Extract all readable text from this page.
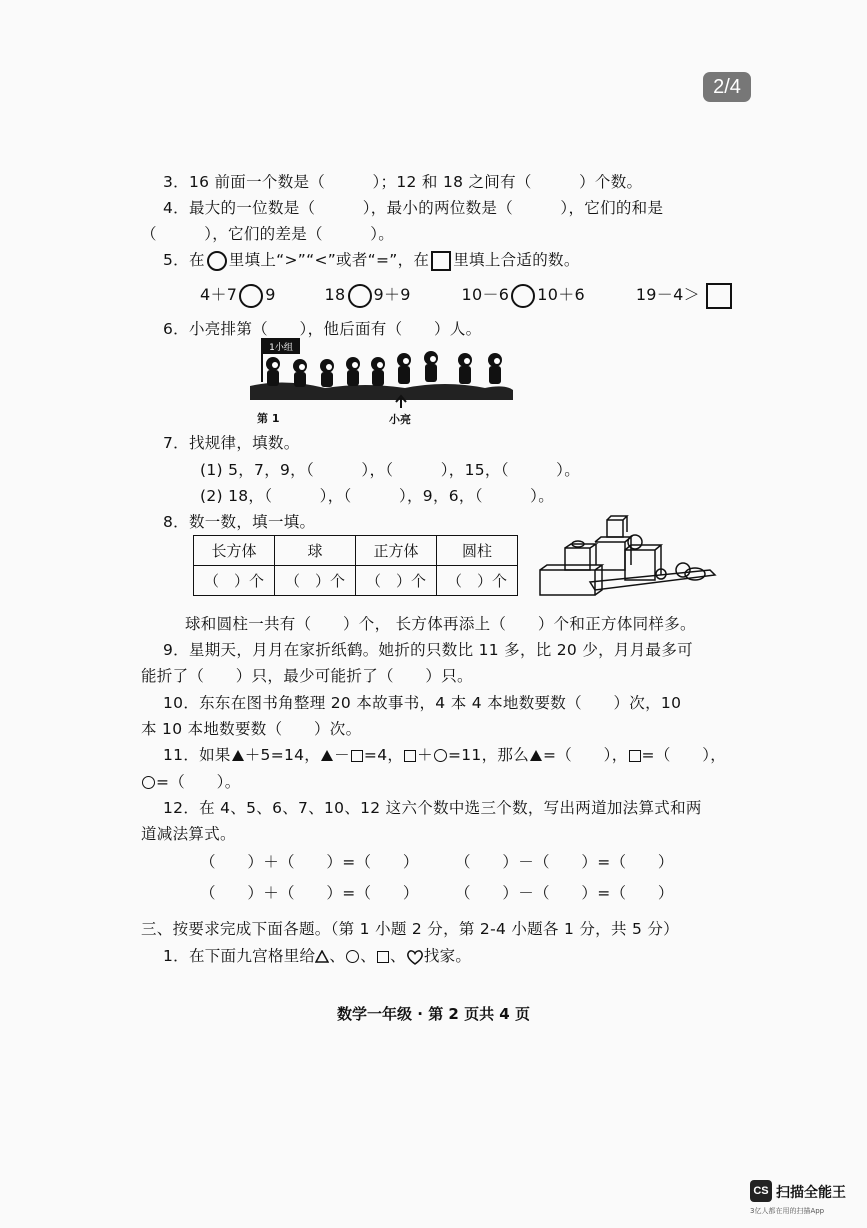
2/4
3．16 前面一个数是（　　　）；12 和 18 之间有（　　　）个数。
4．最大的一位数是（　　　），最小的两位数是（　　　），它们的和是
（　　　），它们的差是（　　　）。
5．在 里填上“>”“<”或者“=”，在 里填上合适的数。
4＋7 9	18 9＋9	10－6 10＋6	19－4＞
6．小亮排第（　　），他后面有（　　）人。
1小组
第 1	小亮
7．找规律，填数。
(1) 5，7，9，（　　　），（　　　），15，（　　　）。
(2) 18，（　　　），（　　　），9，6，（　　　）。
8．数一数，填一填。
长方体	球	正方体	圆柱
（　）个	（　）个	（　）个	（　）个
球和圆柱一共有（　　）个， 长方体再添上（　　）个和正方体同样多。
9．星期天，月月在家折纸鹤。她折的只数比 11 多，比 20 少，月月最多可
能折了（　　）只，最少可能折了（　　）只。
10．东东在图书角整理 20 本故事书，4 本 4 本地数要数（　　）次，10
本 10 本地数要数（　　）次。
11．如果 ＋5=14， － =4， ＋ =11，那么 =（　　）， =（　　），
=（　　）。
12．在 4、5、6、7、10、12 这六个数中选三个数，写出两道加法算式和两
道减法算式。
（　　）＋（　　）=（　　） （　　）－（　　）=（　　）
（　　）＋（　　）=（　　） （　　）－（　　）=（　　）
三、按要求完成下面各题。（第 1 小题 2 分，第 2-4 小题各 1 分，共 5 分）
1．在下面九宫格里给 、 、 、 找家。
数学一年级 · 第 2 页共 4 页
CS 扫描全能王
3亿人都在用的扫描App
